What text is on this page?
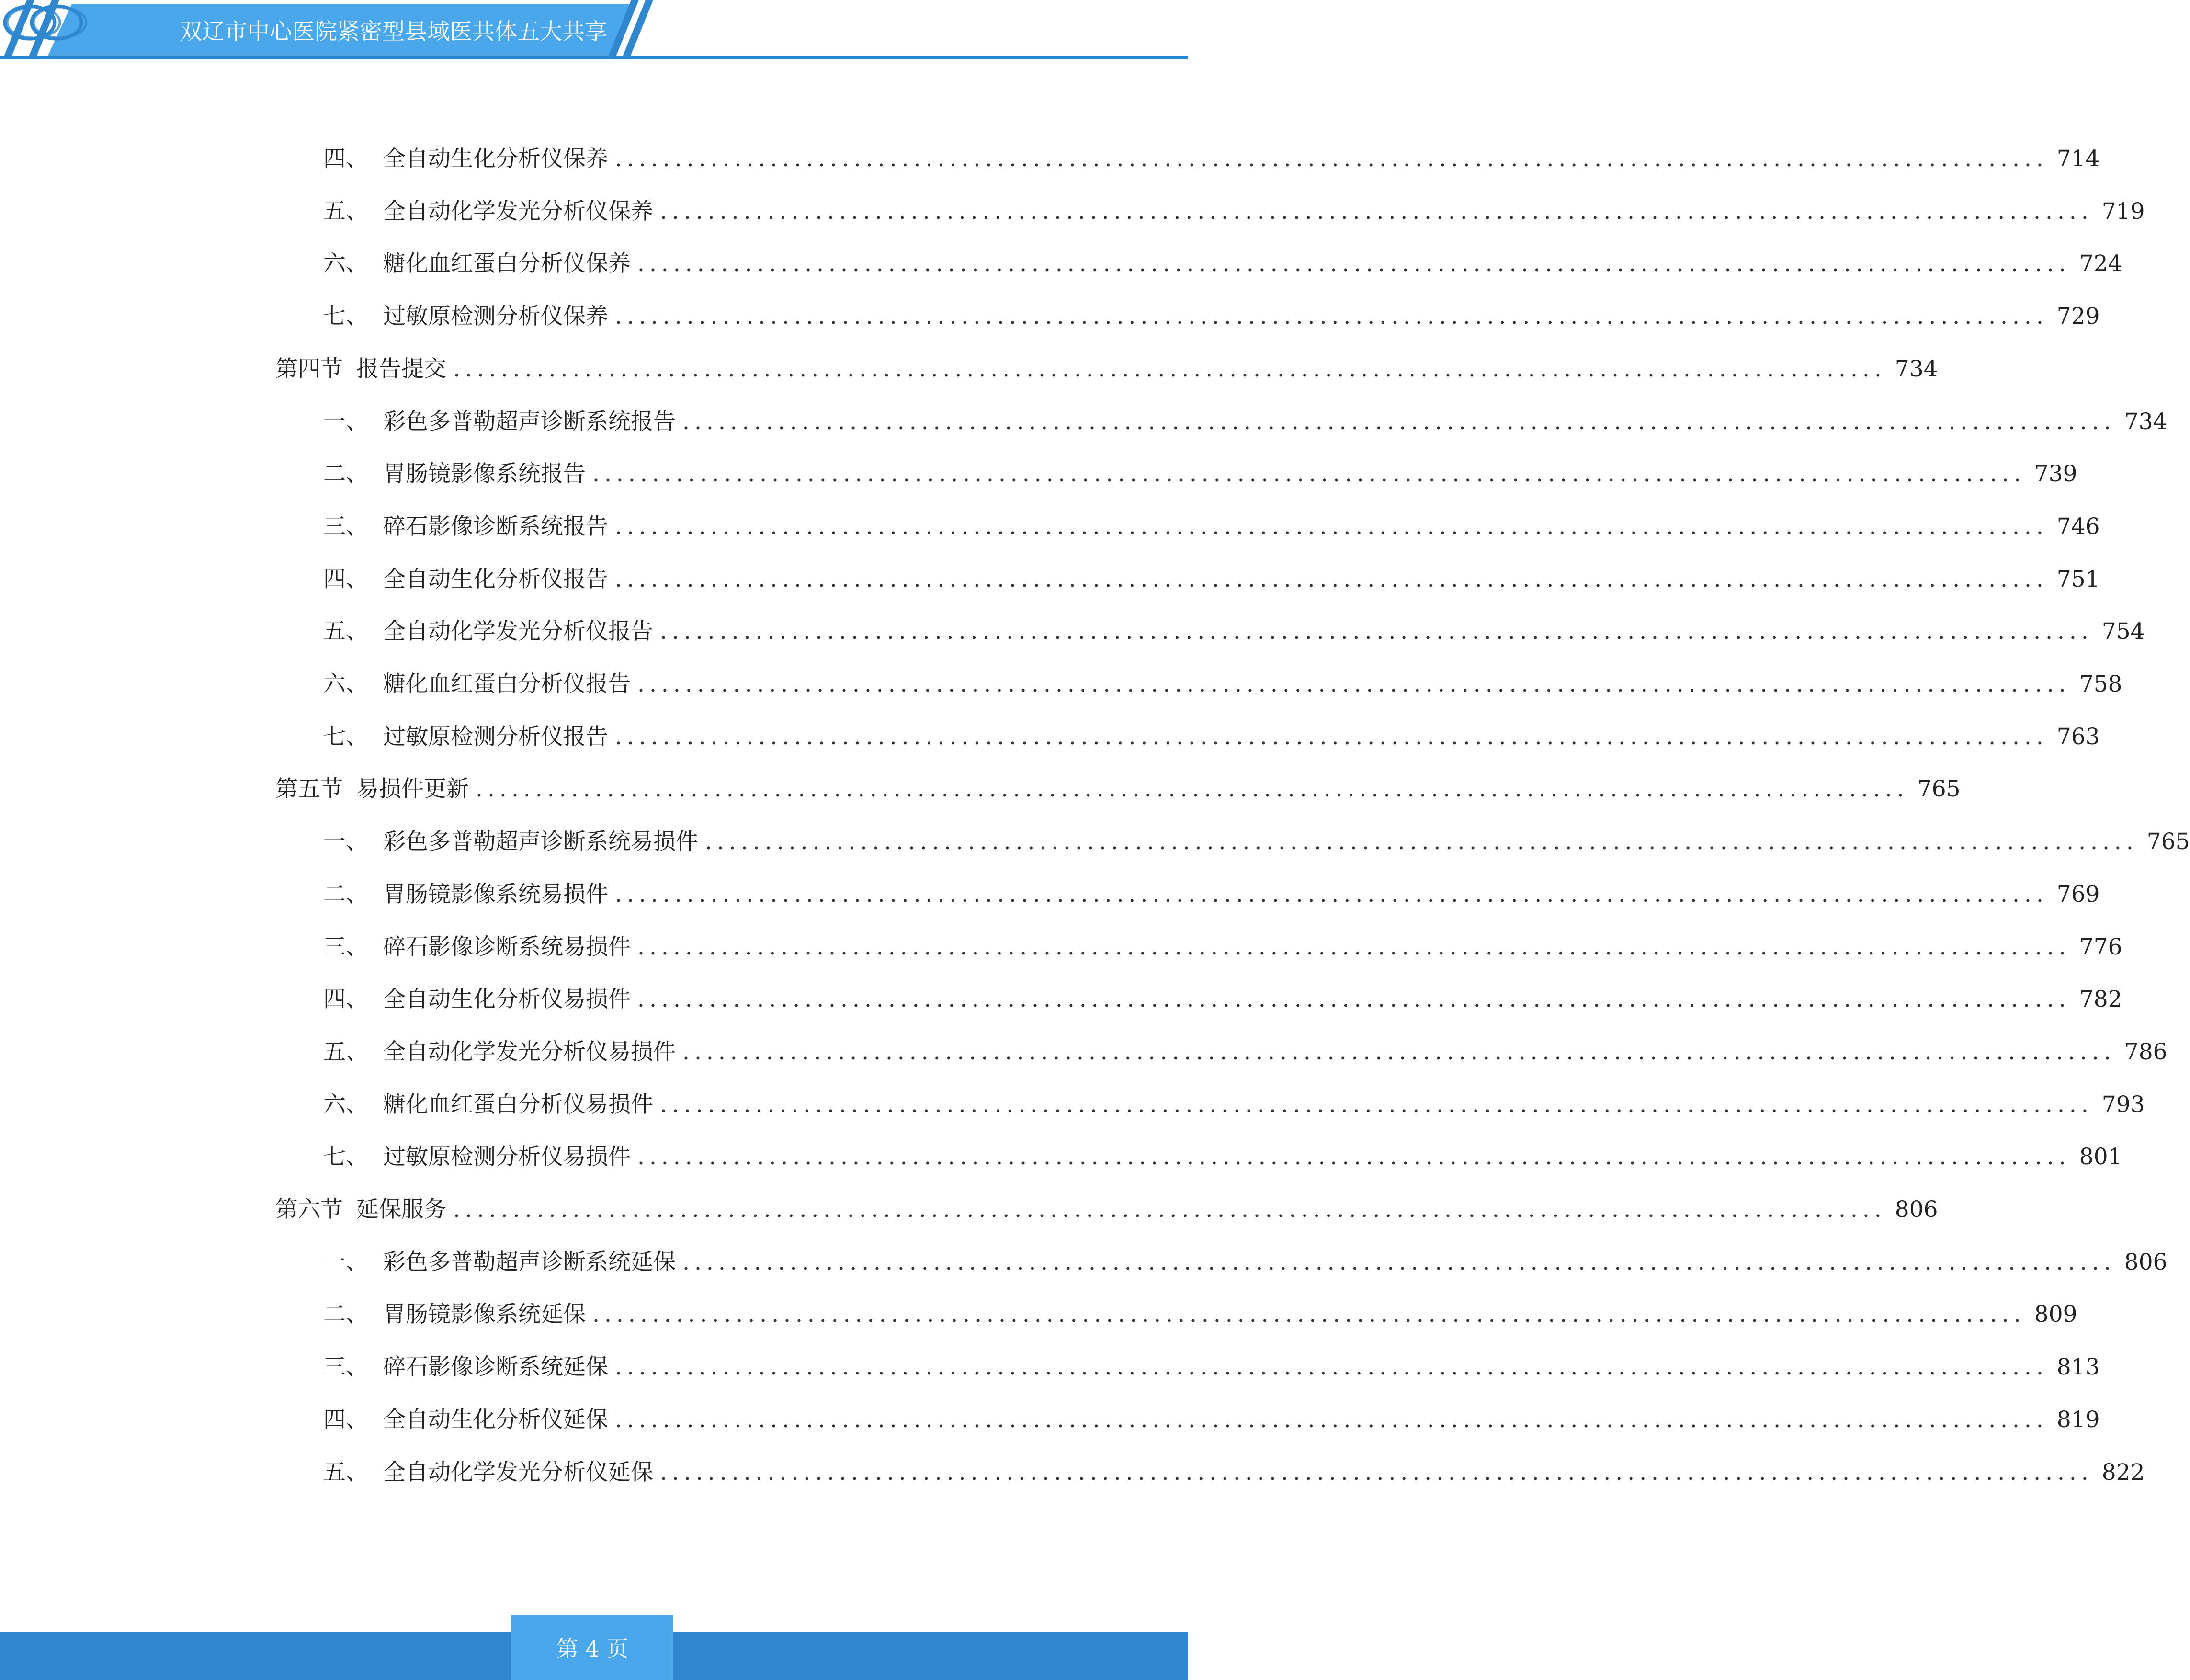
双辽市中心医院紧密型县域医共体五大共享
四、 全自动生化分析仪保养 ........................................................................................................................ 714
五、 全自动化学发光分析仪保养 ........................................................................................................................ 719
六、 糖化血红蛋白分析仪保养 ........................................................................................................................ 724
七、 过敏原检测分析仪保养 ........................................................................................................................ 729
第四节 报告提交 ........................................................................................................................ 734
一、 彩色多普勒超声诊断系统报告 ........................................................................................................................ 734
二、 胃肠镜影像系统报告 ........................................................................................................................ 739
三、 碎石影像诊断系统报告 ........................................................................................................................ 746
四、 全自动生化分析仪报告 ........................................................................................................................ 751
五、 全自动化学发光分析仪报告 ........................................................................................................................ 754
六、 糖化血红蛋白分析仪报告 ........................................................................................................................ 758
七、 过敏原检测分析仪报告 ........................................................................................................................ 763
第五节 易损件更新 ........................................................................................................................ 765
一、 彩色多普勒超声诊断系统易损件 ........................................................................................................................ 765
二、 胃肠镜影像系统易损件 ........................................................................................................................ 769
三、 碎石影像诊断系统易损件 ........................................................................................................................ 776
四、 全自动生化分析仪易损件 ........................................................................................................................ 782
五、 全自动化学发光分析仪易损件 ........................................................................................................................ 786
六、 糖化血红蛋白分析仪易损件 ........................................................................................................................ 793
七、 过敏原检测分析仪易损件 ........................................................................................................................ 801
第六节 延保服务 ........................................................................................................................ 806
一、 彩色多普勒超声诊断系统延保 ........................................................................................................................ 806
二、 胃肠镜影像系统延保 ........................................................................................................................ 809
三、 碎石影像诊断系统延保 ........................................................................................................................ 813
四、 全自动生化分析仪延保 ........................................................................................................................ 819
五、 全自动化学发光分析仪延保 ........................................................................................................................ 822
第 4 页
